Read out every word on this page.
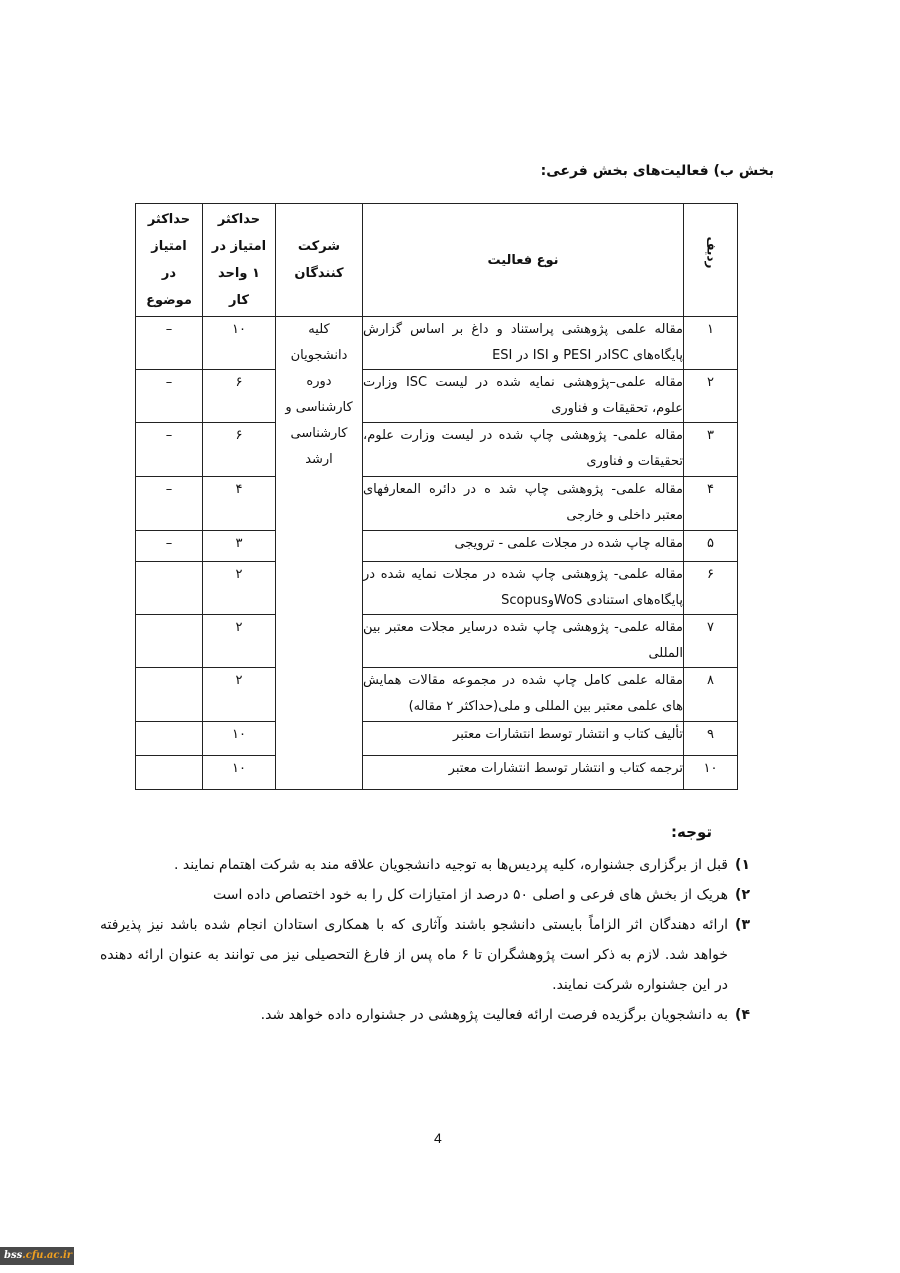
بخش ب) فعالیت‌های بخش فرعی:
ردیف	نوع فعالیت	شرکت کنندگان	حداکثر امتیاز در ۱ واحد کار	حداکثر امتیاز در موضوع

۱	مقاله علمی پژوهشی پراستناد و داغ بر اساس گزارش پایگاه‌های ISCدر PESI و ISI در ESI	کلیه دانشجویان دوره کارشناسی و کارشناسی ارشد	۱۰	–
۲	مقاله علمی–پژوهشی نمایه شده در لیست ISC وزارت علوم، تحقیقات و فناوری		۶	–
۳	مقاله علمی- پژوهشی چاپ شده در لیست وزارت علوم، تحقیقات و فناوری		۶	–
۴	مقاله علمی- پژوهشی چاپ شد ه در دائره المعارفهای معتبر داخلی و خارجی		۴	–
۵	مقاله چاپ شده در مجلات علمی - ترویجی		۳	–
۶	مقاله علمی- پژوهشی چاپ شده در مجلات نمایه شده در پایگاه‌های استنادی WoSوScopus		۲	
۷	مقاله علمی- پژوهشی چاپ شده درسایر مجلات معتبر بین المللی		۲	
۸	مقاله علمی کامل چاپ شده در مجموعه مقالات همایش های علمی معتبر بین المللی و ملی(حداکثر ۲ مقاله)		۲	
۹	تألیف کتاب و انتشار توسط انتشارات معتبر		۱۰	
۱۰	ترجمه کتاب و انتشار توسط انتشارات معتبر		۱۰	
توجه:
۱)
قبل از برگزاری جشنواره، کلیه پردیس‌ها به توجیه دانشجویان علاقه مند به شرکت اهتمام نمایند .
۲)
هریک از بخش های فرعی و اصلی ۵۰ درصد از امتیازات کل را به خود اختصاص داده است
۳)
ارائه دهندگان اثر الزاماً بایستی دانشجو باشند وآثاری که با همکاری استادان انجام شده باشد نیز پذیرفته خواهد شد. لازم به ذکر است پژوهشگران تا ۶ ماه پس از فارغ التحصیلی نیز می توانند به عنوان ارائه دهنده در این جشنواره شرکت نمایند.
۴)
به دانشجویان برگزیده فرصت ارائه فعالیت پژوهشی در جشنواره داده خواهد شد.
4
bss.cfu.ac.ir
